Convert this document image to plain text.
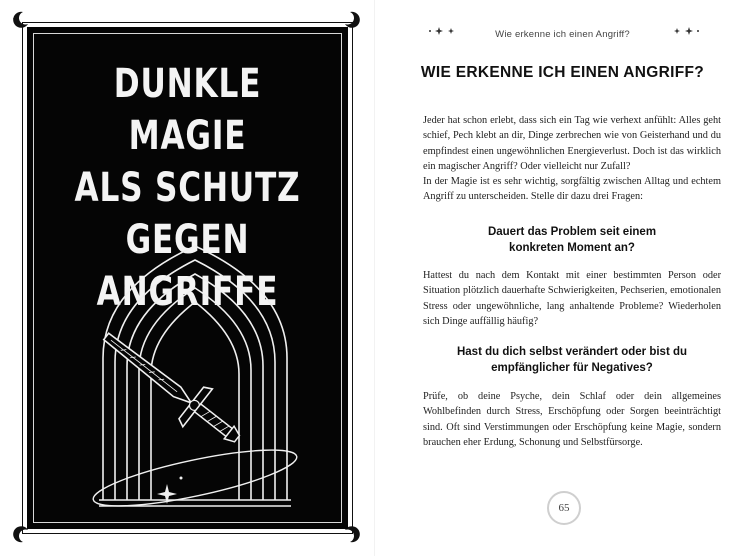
DUNKLE MAGIE
ALS SCHUTZ
GEGEN ANGRIFFE
Wie erkenne ich einen Angriff?
WIE ERKENNE ICH EINEN ANGRIFF?

Jeder hat schon erlebt, dass sich ein Tag wie verhext anfühlt: Alles geht schief, Pech klebt an dir, Dinge zerbrechen wie von Geisterhand und du empfindest einen ungewöhnlichen Energieverlust. Doch ist das wirklich ein magischer Angriff? Oder vielleicht nur Zufall?

In der Magie ist es sehr wichtig, sorgfältig zwischen Alltag und echtem Angriff zu unterscheiden. Stelle dir dazu drei Fragen:

Dauert das Problem seit einem
konkreten Moment an?

Hattest du nach dem Kontakt mit einer bestimmten Person oder Situation plötzlich dauerhafte Schwierigkeiten, Pechserien, emotionalen Stress oder ungewöhnliche, lang anhaltende Probleme? Wiederholen sich Dinge auffällig häufig?

Hast du dich selbst verändert oder bist du
empfänglicher für Negatives?

Prüfe, ob deine Psyche, dein Schlaf oder dein allgemeines Wohlbefinden durch Stress, Erschöpfung oder Sorgen beeinträchtigt sind. Oft sind Verstimmungen oder Erschöpfung keine Magie, sondern brauchen eher Erdung, Schonung und Selbstfürsorge.

65
